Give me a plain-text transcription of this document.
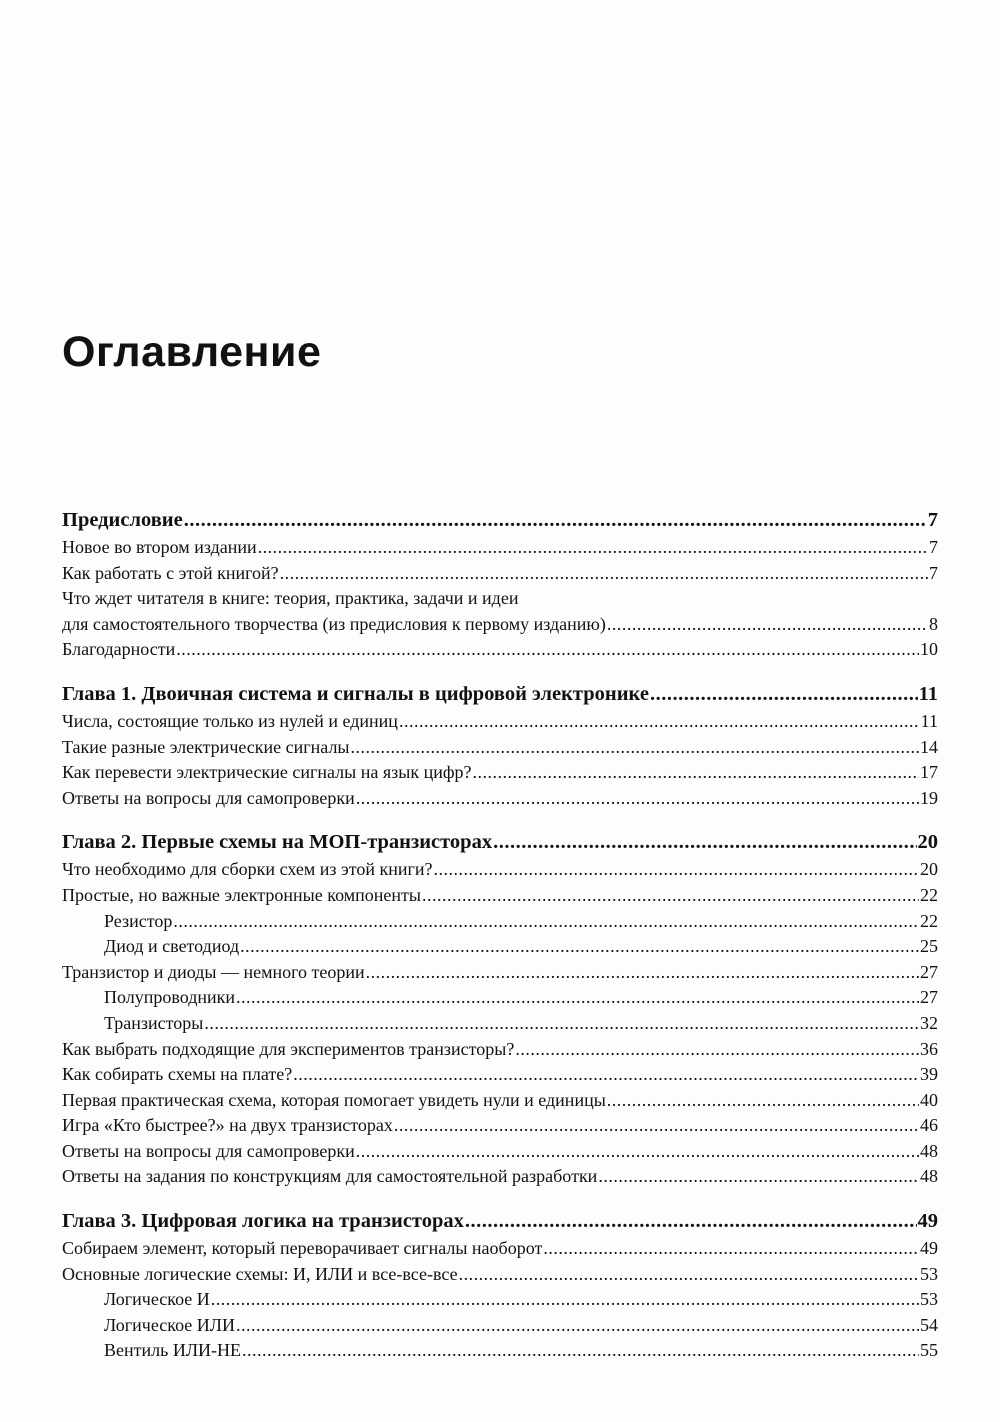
Оглавление
Предисловие .....	7
Новое во втором издании .....	7
Как работать с этой книгой? .....	7
Что ждет читателя в книге: теория, практика, задачи и идеи
для самостоятельного творчества (из предисловия к первому изданию) .....	8
Благодарности .....	10
Глава 1. Двоичная система и сигналы в цифровой электронике .....	11
Числа, состоящие только из нулей и единиц .....	11
Такие разные электрические сигналы .....	14
Как перевести электрические сигналы на язык цифр? .....	17
Ответы на вопросы для самопроверки .....	19
Глава 2. Первые схемы на МОП-транзисторах .....	20
Что необходимо для сборки схем из этой книги? .....	20
Простые, но важные электронные компоненты .....	22
Резистор .....	22
Диод и светодиод .....	25
Транзистор и диоды — немного теории .....	27
Полупроводники .....	27
Транзисторы .....	32
Как выбрать подходящие для экспериментов транзисторы? .....	36
Как собирать схемы на плате? .....	39
Первая практическая схема, которая помогает увидеть нули и единицы .....	40
Игра «Кто быстрее?» на двух транзисторах .....	46
Ответы на вопросы для самопроверки .....	48
Ответы на задания по конструкциям для самостоятельной разработки .....	48
Глава 3. Цифровая логика на транзисторах .....	49
Собираем элемент, который переворачивает сигналы наоборот .....	49
Основные логические схемы: И, ИЛИ и все-все-все .....	53
Логическое И .....	53
Логическое ИЛИ .....	54
Вентиль ИЛИ-НЕ .....	55
